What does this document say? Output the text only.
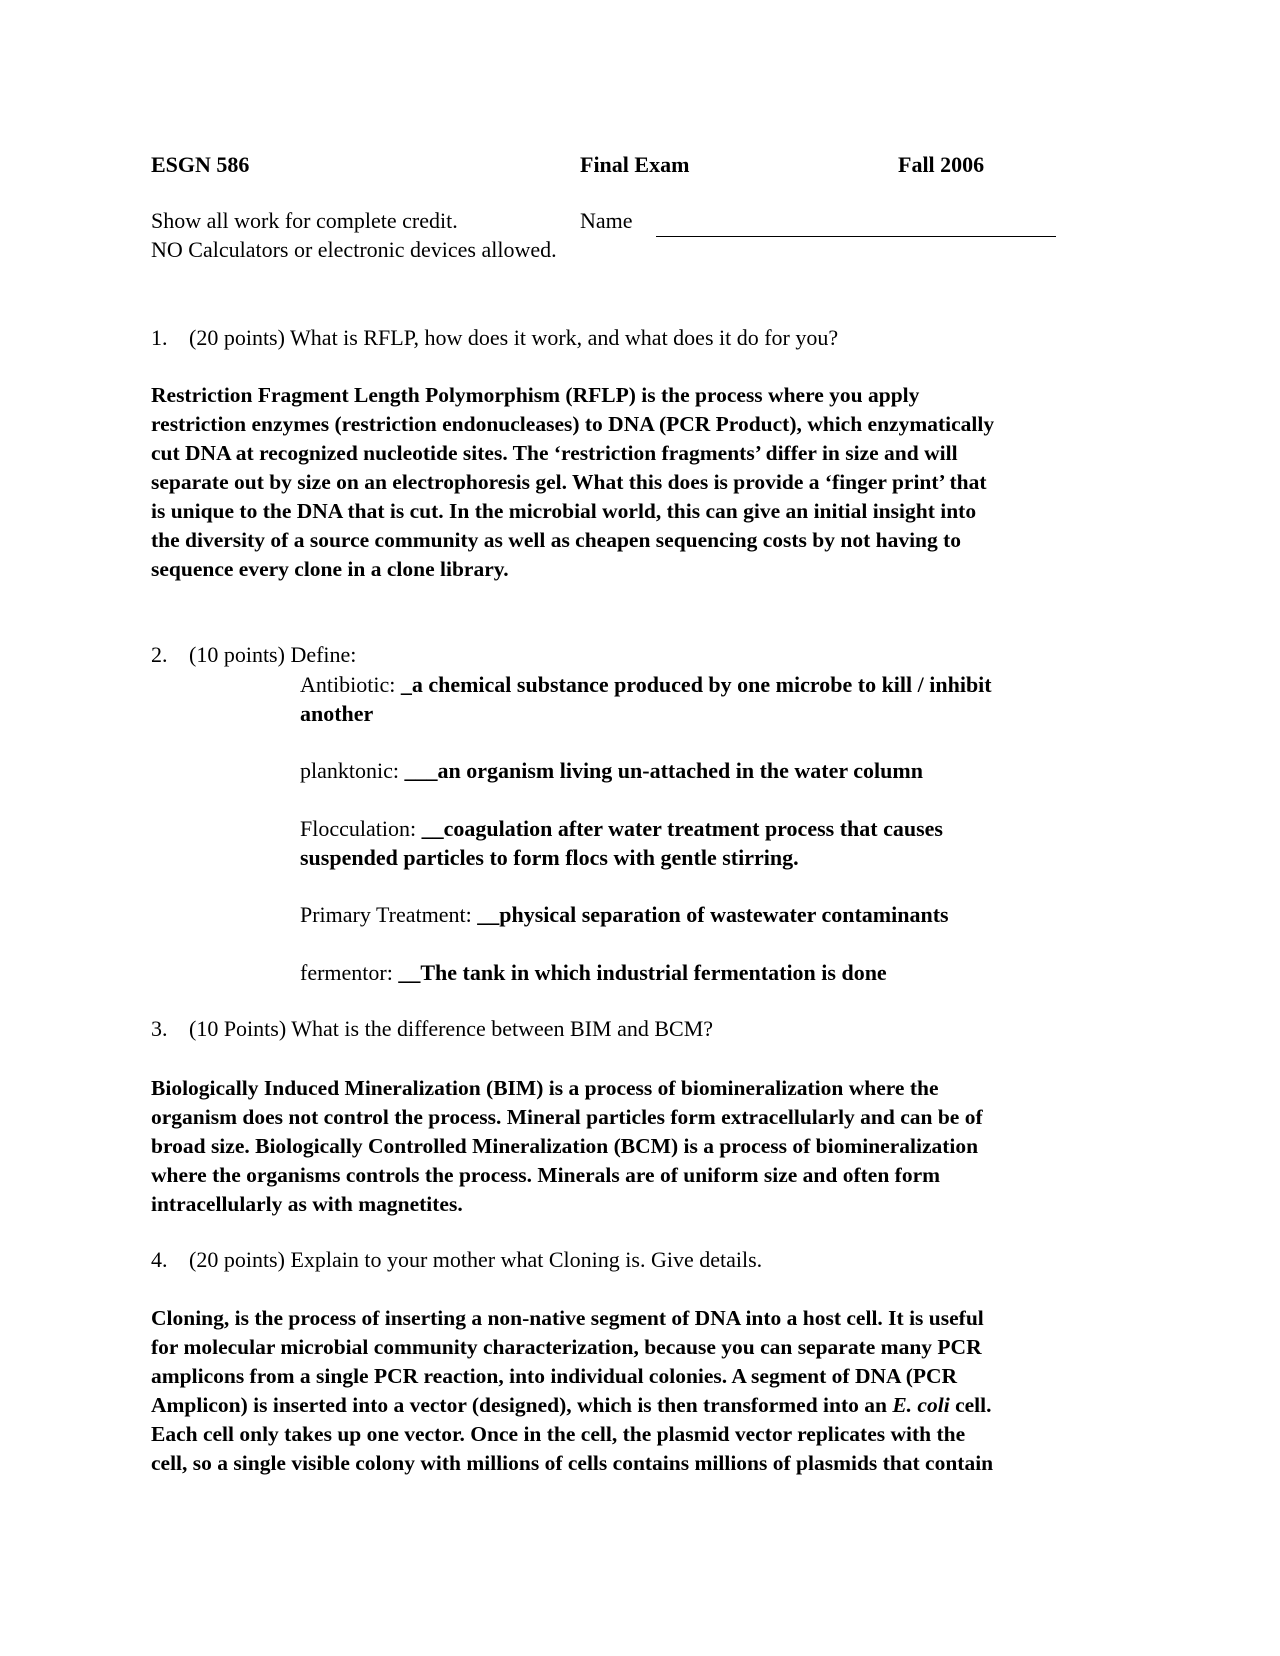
ESGN 586	Final Exam	Fall 2006
Show all work for complete credit.	Name
NO Calculators or electronic devices allowed.
1. (20 points) What is RFLP, how does it work, and what does it do for you?
Restriction Fragment Length Polymorphism (RFLP) is the process where you apply
restriction enzymes (restriction endonucleases) to DNA (PCR Product), which enzymatically
cut DNA at recognized nucleotide sites. The ‘restriction fragments’ differ in size and will
separate out by size on an electrophoresis gel. What this does is provide a ‘finger print’ that
is unique to the DNA that is cut. In the microbial world, this can give an initial insight into
the diversity of a source community as well as cheapen sequencing costs by not having to
sequence every clone in a clone library.
2. (10 points) Define:
Antibiotic: _a chemical substance produced by one microbe to kill / inhibit
another
planktonic: ___an organism living un-attached in the water column
Flocculation: __coagulation after water treatment process that causes
suspended particles to form flocs with gentle stirring.
Primary Treatment: __physical separation of wastewater contaminants
fermentor: __The tank in which industrial fermentation is done
3. (10 Points) What is the difference between BIM and BCM?
Biologically Induced Mineralization (BIM) is a process of biomineralization where the
organism does not control the process. Mineral particles form extracellularly and can be of
broad size. Biologically Controlled Mineralization (BCM) is a process of biomineralization
where the organisms controls the process. Minerals are of uniform size and often form
intracellularly as with magnetites.
4. (20 points) Explain to your mother what Cloning is. Give details.
Cloning, is the process of inserting a non-native segment of DNA into a host cell. It is useful
for molecular microbial community characterization, because you can separate many PCR
amplicons from a single PCR reaction, into individual colonies. A segment of DNA (PCR
Amplicon) is inserted into a vector (designed), which is then transformed into an E. coli cell.
Each cell only takes up one vector. Once in the cell, the plasmid vector replicates with the
cell, so a single visible colony with millions of cells contains millions of plasmids that contain
